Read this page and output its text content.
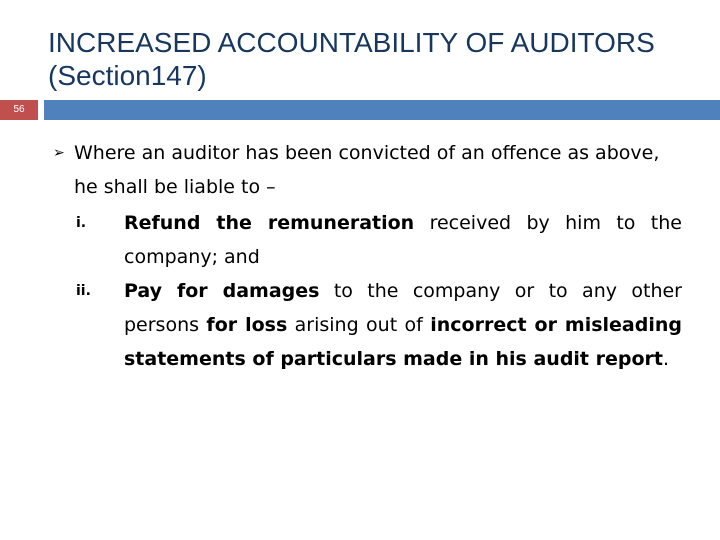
INCREASED ACCOUNTABILITY OF AUDITORS (Section147)
56
➢ Where an auditor has been convicted of an offence as above, he shall be liable to –
i.	Refund the remuneration received by him to the company; and
ii.	Pay for damages to the company or to any other persons for loss arising out of incorrect or misleading statements of particulars made in his audit report.
